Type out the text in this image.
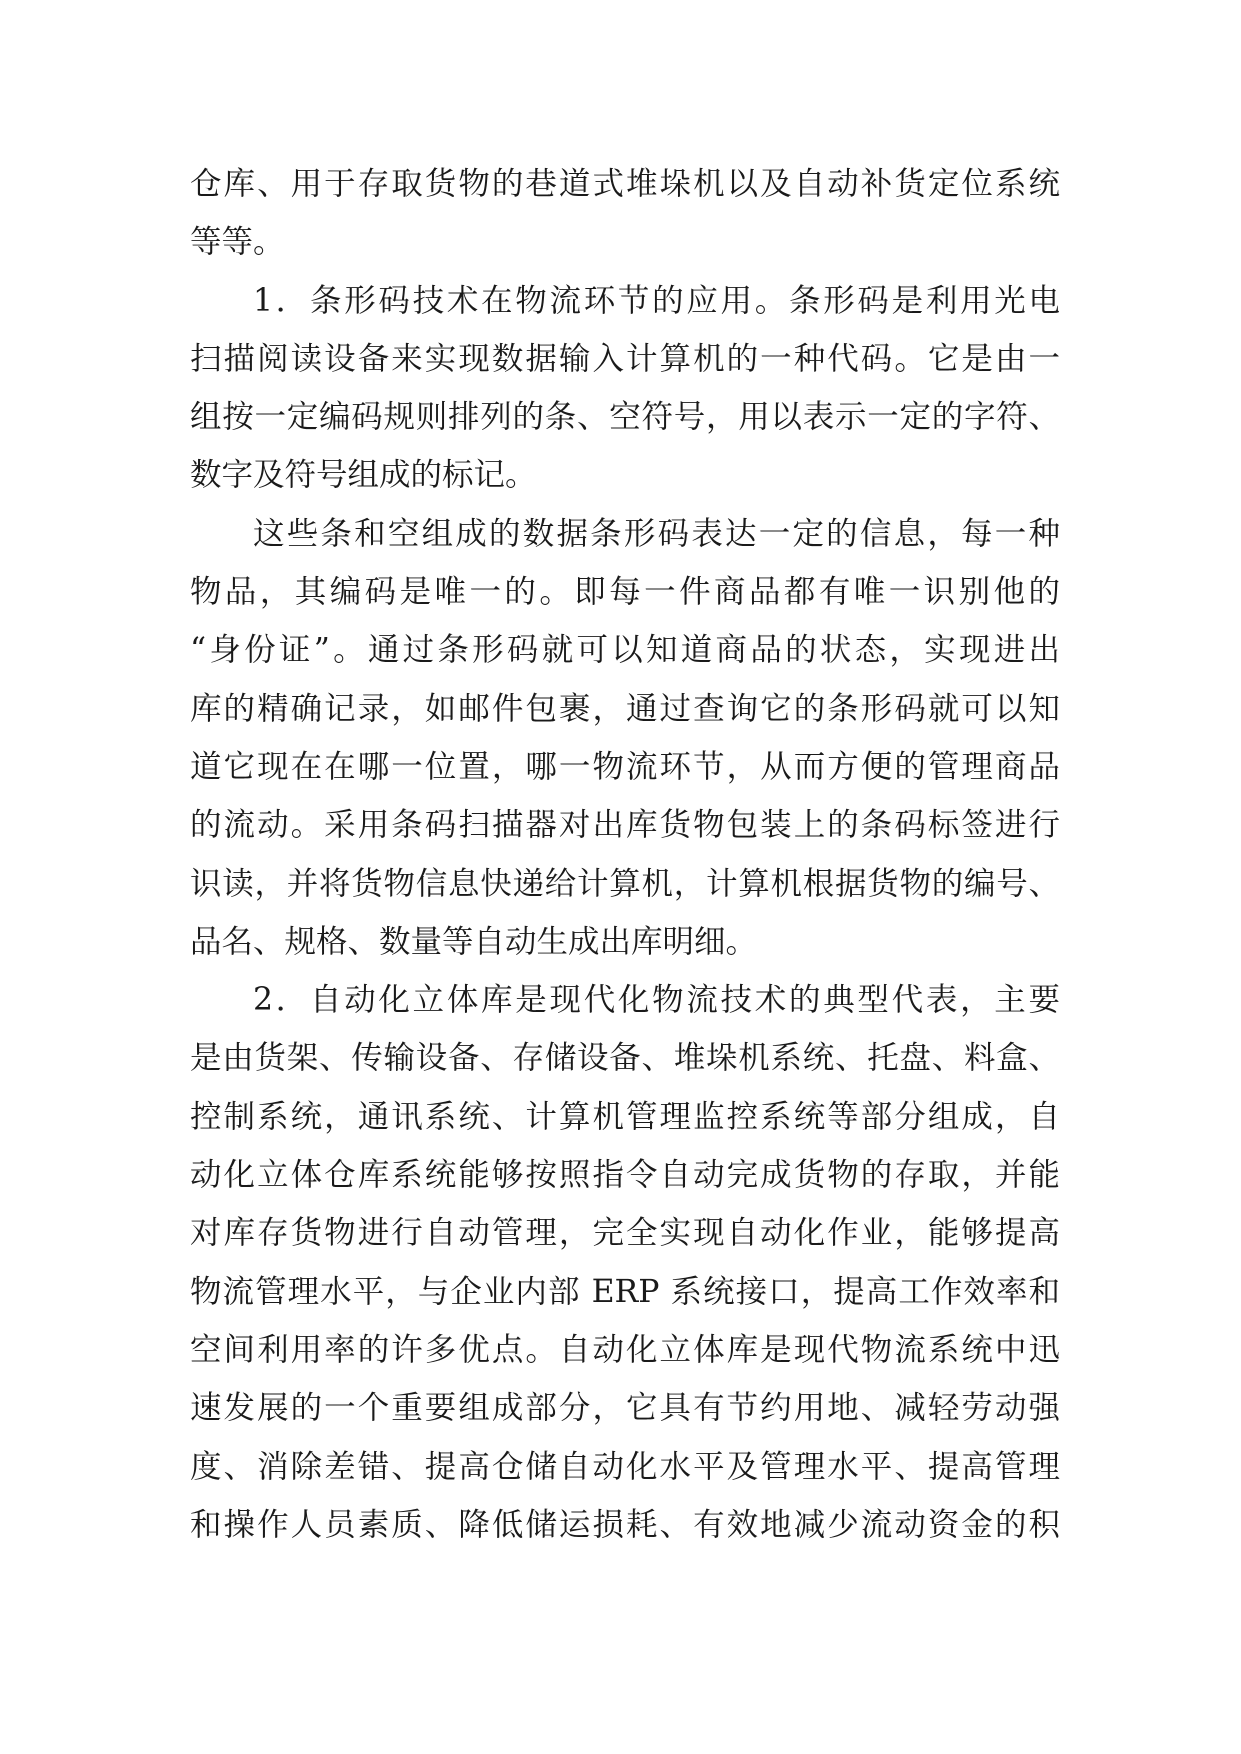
仓库、用于存取货物的巷道式堆垛机以及自动补货定位系统
等等。
1．条形码技术在物流环节的应用。条形码是利用光电
扫描阅读设备来实现数据输入计算机的一种代码。它是由一
组按一定编码规则排列的条、空符号，用以表示一定的字符、
数字及符号组成的标记。
这些条和空组成的数据条形码表达一定的信息，每一种
物品，其编码是唯一的。即每一件商品都有唯一识别他的
“身份证”。通过条形码就可以知道商品的状态，实现进出
库的精确记录，如邮件包裹，通过查询它的条形码就可以知
道它现在在哪一位置，哪一物流环节，从而方便的管理商品
的流动。采用条码扫描器对出库货物包装上的条码标签进行
识读，并将货物信息快递给计算机，计算机根据货物的编号、
品名、规格、数量等自动生成出库明细。
2．自动化立体库是现代化物流技术的典型代表，主要
是由货架、传输设备、存储设备、堆垛机系统、托盘、料盒、
控制系统，通讯系统、计算机管理监控系统等部分组成，自
动化立体仓库系统能够按照指令自动完成货物的存取，并能
对库存货物进行自动管理，完全实现自动化作业，能够提高
物流管理水平，与企业内部 ERP 系统接口，提高工作效率和
空间利用率的许多优点。自动化立体库是现代物流系统中迅
速发展的一个重要组成部分，它具有节约用地、减轻劳动强
度、消除差错、提高仓储自动化水平及管理水平、提高管理
和操作人员素质、降低储运损耗、有效地减少流动资金的积
